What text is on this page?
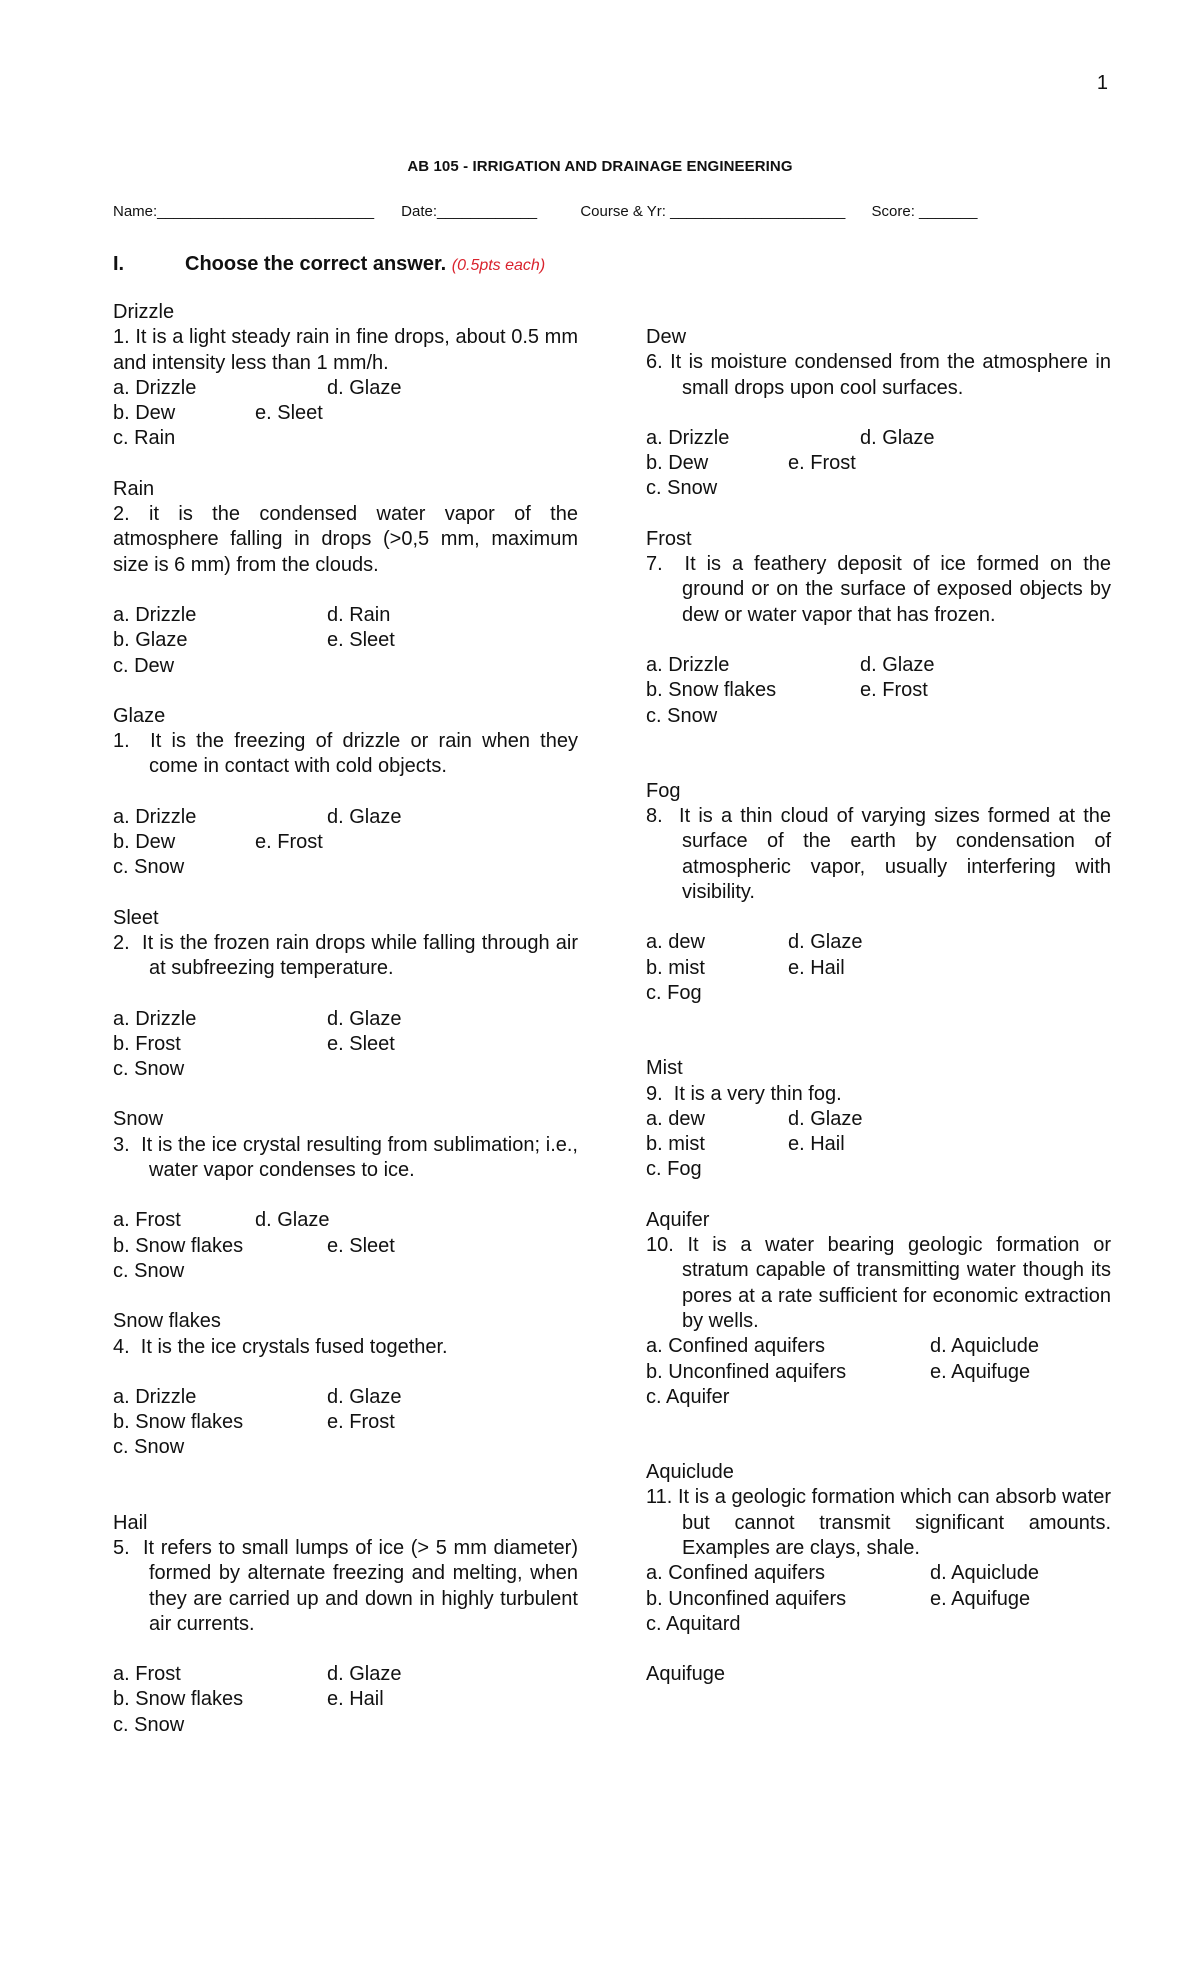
1
AB 105 - IRRIGATION AND DRAINAGE ENGINEERING
Name:__________________________ Date:____________	Course & Yr: _____________________ Score: _______
I.	Choose the correct answer. (0.5pts each)
Drizzle
1. It is a light steady rain in fine drops, about 0.5 mm and intensity less than 1 mm/h.
a. Drizzle	d. Glaze
b. Dew	e. Sleet
c. Rain
Rain
2. it is the condensed water vapor of the atmosphere falling in drops (>0,5 mm, maximum size is 6 mm) from the clouds.
a. Drizzle	d. Rain
b. Glaze	e. Sleet
c. Dew
Glaze
1.  It is the freezing of drizzle or rain when they come in contact with cold objects.
a. Drizzle	d. Glaze
b. Dew	e. Frost
c. Snow
Sleet
2.  It is the frozen rain drops while falling through air at subfreezing temperature.
a. Drizzle	d. Glaze
b. Frost	e. Sleet
c. Snow
Snow
3.  It is the ice crystal resulting from sublimation; i.e., water vapor condenses to ice.
a. Frost	d. Glaze
b. Snow flakes	e. Sleet
c. Snow
Snow flakes
4.  It is the ice crystals fused together.
a. Drizzle	d. Glaze
b. Snow flakes	e. Frost
c. Snow
Hail
5.  It refers to small lumps of ice (> 5 mm diameter) formed by alternate freezing and melting, when they are carried up and down in highly turbulent air currents.
a. Frost	d. Glaze
b. Snow flakes	e. Hail
c. Snow
Dew
6. It is moisture condensed from the atmosphere in small drops upon cool surfaces.
a. Drizzle	d. Glaze
b. Dew	e. Frost
c. Snow
Frost
7.  It is a feathery deposit of ice formed on the ground or on the surface of exposed objects by dew or water vapor that has frozen.
a. Drizzle	d. Glaze
b. Snow flakes	e. Frost
c. Snow
Fog
8.  It is a thin cloud of varying sizes formed at the surface of the earth by condensation of atmospheric vapor, usually interfering with visibility.
a. dew	d. Glaze
b. mist	e. Hail
c. Fog
Mist
9.  It is a very thin fog.
a. dew	d. Glaze
b. mist	e. Hail
c. Fog
Aquifer
10. It is a water bearing geologic formation or stratum capable of transmitting water though its pores at a rate sufficient for economic extraction by wells.
a. Confined aquifers	d. Aquiclude
b. Unconfined aquifers	e. Aquifuge
c. Aquifer
Aquiclude
11. It is a geologic formation which can absorb water but cannot transmit significant amounts. Examples are clays, shale.
a. Confined aquifers	d. Aquiclude
b. Unconfined aquifers	e. Aquifuge
c. Aquitard
Aquifuge
